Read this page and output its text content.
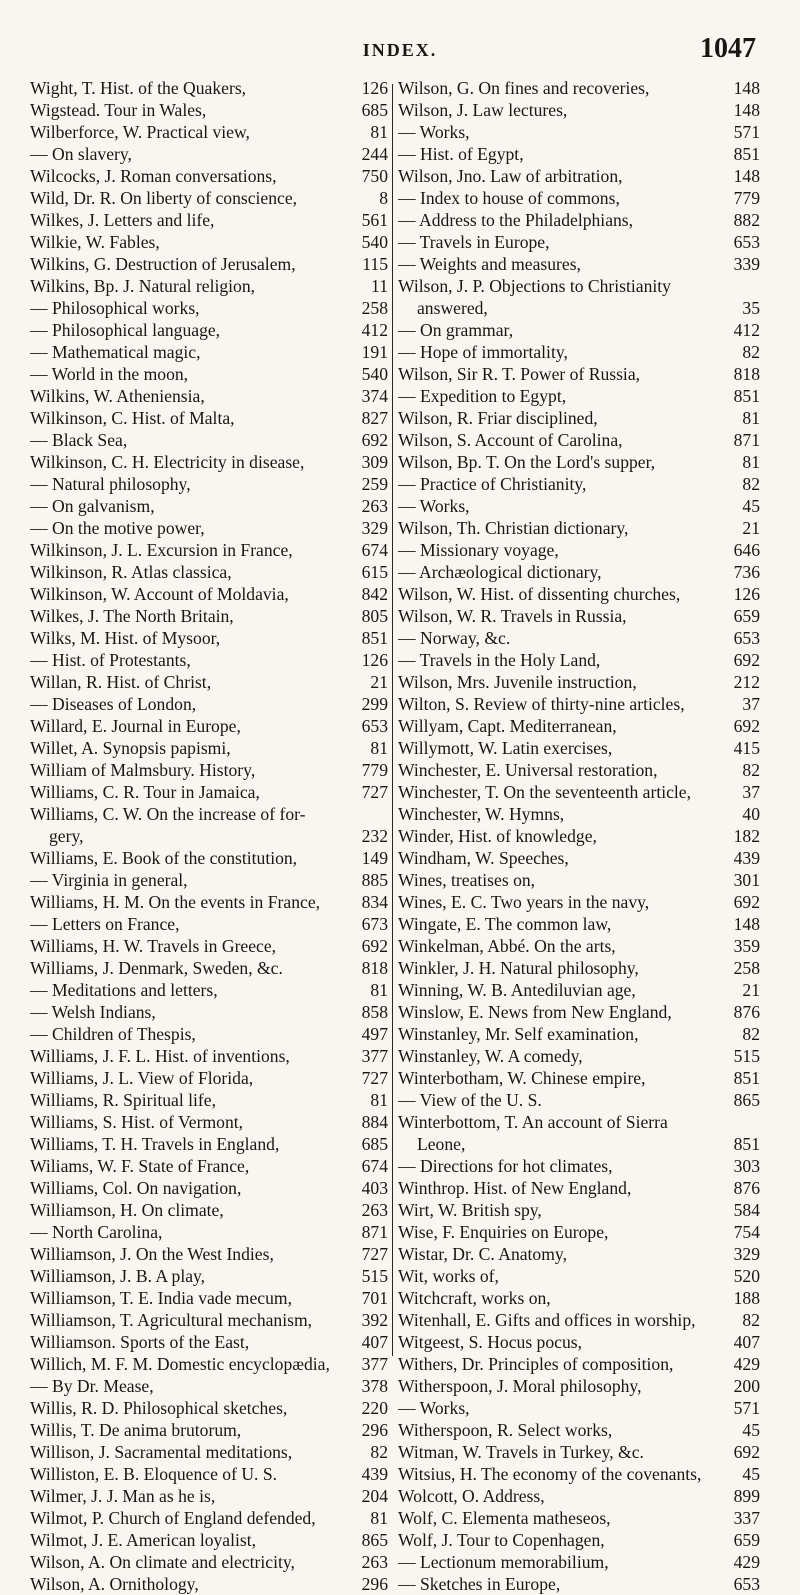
INDEX.	1047
Wight, T. Hist. of the Quakers,	126
Wigstead. Tour in Wales,	685
Wilberforce, W. Practical view,	81
— On slavery,	244
Wilcocks, J. Roman conversations,	750
Wild, Dr. R. On liberty of conscience,	8
Wilkes, J. Letters and life,	561
Wilkie, W. Fables,	540
Wilkins, G. Destruction of Jerusalem,	115
Wilkins, Bp. J. Natural religion,	11
— Philosophical works,	258
— Philosophical language,	412
— Mathematical magic,	191
— World in the moon,	540
Wilkins, W. Atheniensia,	374
Wilkinson, C. Hist. of Malta,	827
— Black Sea,	692
Wilkinson, C. H. Electricity in disease,	309
— Natural philosophy,	259
— On galvanism,	263
— On the motive power,	329
Wilkinson, J. L. Excursion in France,	674
Wilkinson, R. Atlas classica,	615
Wilkinson, W. Account of Moldavia,	842
Wilkes, J. The North Britain,	805
Wilks, M. Hist. of Mysoor,	851
— Hist. of Protestants,	126
Willan, R. Hist. of Christ,	21
— Diseases of London,	299
Willard, E. Journal in Europe,	653
Willet, A. Synopsis papismi,	81
William of Malmsbury. History,	779
Williams, C. R. Tour in Jamaica,	727
Williams, C. W. On the increase of for-
gery,	232
Williams, E. Book of the constitution,	149
— Virginia in general,	885
Williams, H. M. On the events in France,	834
— Letters on France,	673
Williams, H. W. Travels in Greece,	692
Williams, J. Denmark, Sweden, &c.	818
— Meditations and letters,	81
— Welsh Indians,	858
— Children of Thespis,	497
Williams, J. F. L. Hist. of inventions,	377
Williams, J. L. View of Florida,	727
Williams, R. Spiritual life,	81
Williams, S. Hist. of Vermont,	884
Williams, T. H. Travels in England,	685
Wiliams, W. F. State of France,	674
Williams, Col. On navigation,	403
Williamson, H. On climate,	263
— North Carolina,	871
Williamson, J. On the West Indies,	727
Williamson, J. B. A play,	515
Williamson, T. E. India vade mecum,	701
Williamson, T. Agricultural mechanism,	392
Williamson. Sports of the East,	407
Willich, M. F. M. Domestic encyclopædia,	377
— By Dr. Mease,	378
Willis, R. D. Philosophical sketches,	220
Willis, T. De anima brutorum,	296
Willison, J. Sacramental meditations,	82
Williston, E. B. Eloquence of U. S.	439
Wilmer, J. J. Man as he is,	204
Wilmot, P. Church of England defended,	81
Wilmot, J. E. American loyalist,	865
Wilson, A. On climate and electricity,	263
Wilson, A. Ornithology,	296
Wilson, G. On fines and recoveries,	148
Wilson, J. Law lectures,	148
— Works,	571
— Hist. of Egypt,	851
Wilson, Jno. Law of arbitration,	148
— Index to house of commons,	779
— Address to the Philadelphians,	882
— Travels in Europe,	653
— Weights and measures,	339
Wilson, J. P. Objections to Christianity
answered,	35
— On grammar,	412
— Hope of immortality,	82
Wilson, Sir R. T. Power of Russia,	818
— Expedition to Egypt,	851
Wilson, R. Friar disciplined,	81
Wilson, S. Account of Carolina,	871
Wilson, Bp. T. On the Lord's supper,	81
— Practice of Christianity,	82
— Works,	45
Wilson, Th. Christian dictionary,	21
— Missionary voyage,	646
— Archæological dictionary,	736
Wilson, W. Hist. of dissenting churches,	126
Wilson, W. R. Travels in Russia,	659
— Norway, &c.	653
— Travels in the Holy Land,	692
Wilson, Mrs. Juvenile instruction,	212
Wilton, S. Review of thirty-nine articles,	37
Willyam, Capt. Mediterranean,	692
Willymott, W. Latin exercises,	415
Winchester, E. Universal restoration,	82
Winchester, T. On the seventeenth article,	37
Winchester, W. Hymns,	40
Winder, Hist. of knowledge,	182
Windham, W. Speeches,	439
Wines, treatises on,	301
Wines, E. C. Two years in the navy,	692
Wingate, E. The common law,	148
Winkelman, Abbé. On the arts,	359
Winkler, J. H. Natural philosophy,	258
Winning, W. B. Antediluvian age,	21
Winslow, E. News from New England,	876
Winstanley, Mr. Self examination,	82
Winstanley, W. A comedy,	515
Winterbotham, W. Chinese empire,	851
— View of the U. S.	865
Winterbottom, T. An account of Sierra
Leone,	851
— Directions for hot climates,	303
Winthrop. Hist. of New England,	876
Wirt, W. British spy,	584
Wise, F. Enquiries on Europe,	754
Wistar, Dr. C. Anatomy,	329
Wit, works of,	520
Witchcraft, works on,	188
Witenhall, E. Gifts and offices in worship,	82
Witgeest, S. Hocus pocus,	407
Withers, Dr. Principles of composition,	429
Witherspoon, J. Moral philosophy,	200
— Works,	571
Witherspoon, R. Select works,	45
Witman, W. Travels in Turkey, &c.	692
Witsius, H. The economy of the covenants,	45
Wolcott, O. Address,	899
Wolf, C. Elementa matheseos,	337
Wolf, J. Tour to Copenhagen,	659
— Lectionum memorabilium,	429
— Sketches in Europe,	653
